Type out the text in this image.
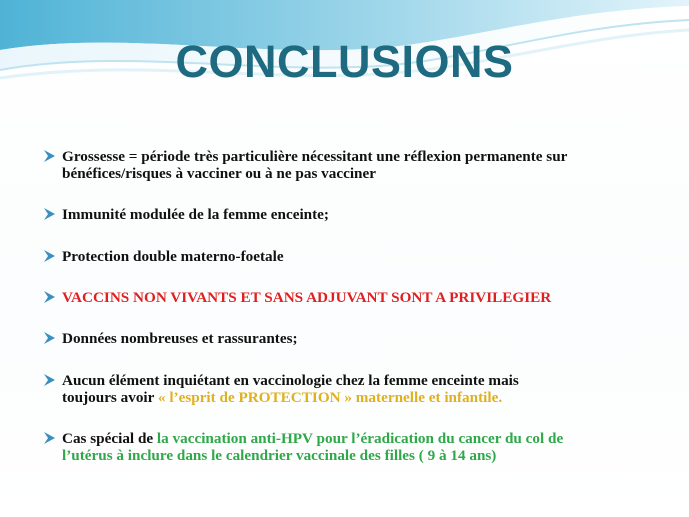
CONCLUSIONS
Grossesse = période très particulière nécessitant une réflexion permanente sur
bénéfices/risques à vacciner ou à ne pas vacciner
Immunité modulée de la femme enceinte;
Protection double materno-foetale
VACCINS NON VIVANTS ET SANS ADJUVANT SONT A PRIVILEGIER
Données nombreuses et rassurantes;
Aucun élément inquiétant en vaccinologie chez la femme enceinte mais
toujours avoir « l’esprit de PROTECTION » maternelle et infantile.
Cas spécial de la vaccination anti-HPV pour l’éradication du cancer du col de
l’utérus à inclure dans le calendrier vaccinale des filles ( 9 à 14 ans)
